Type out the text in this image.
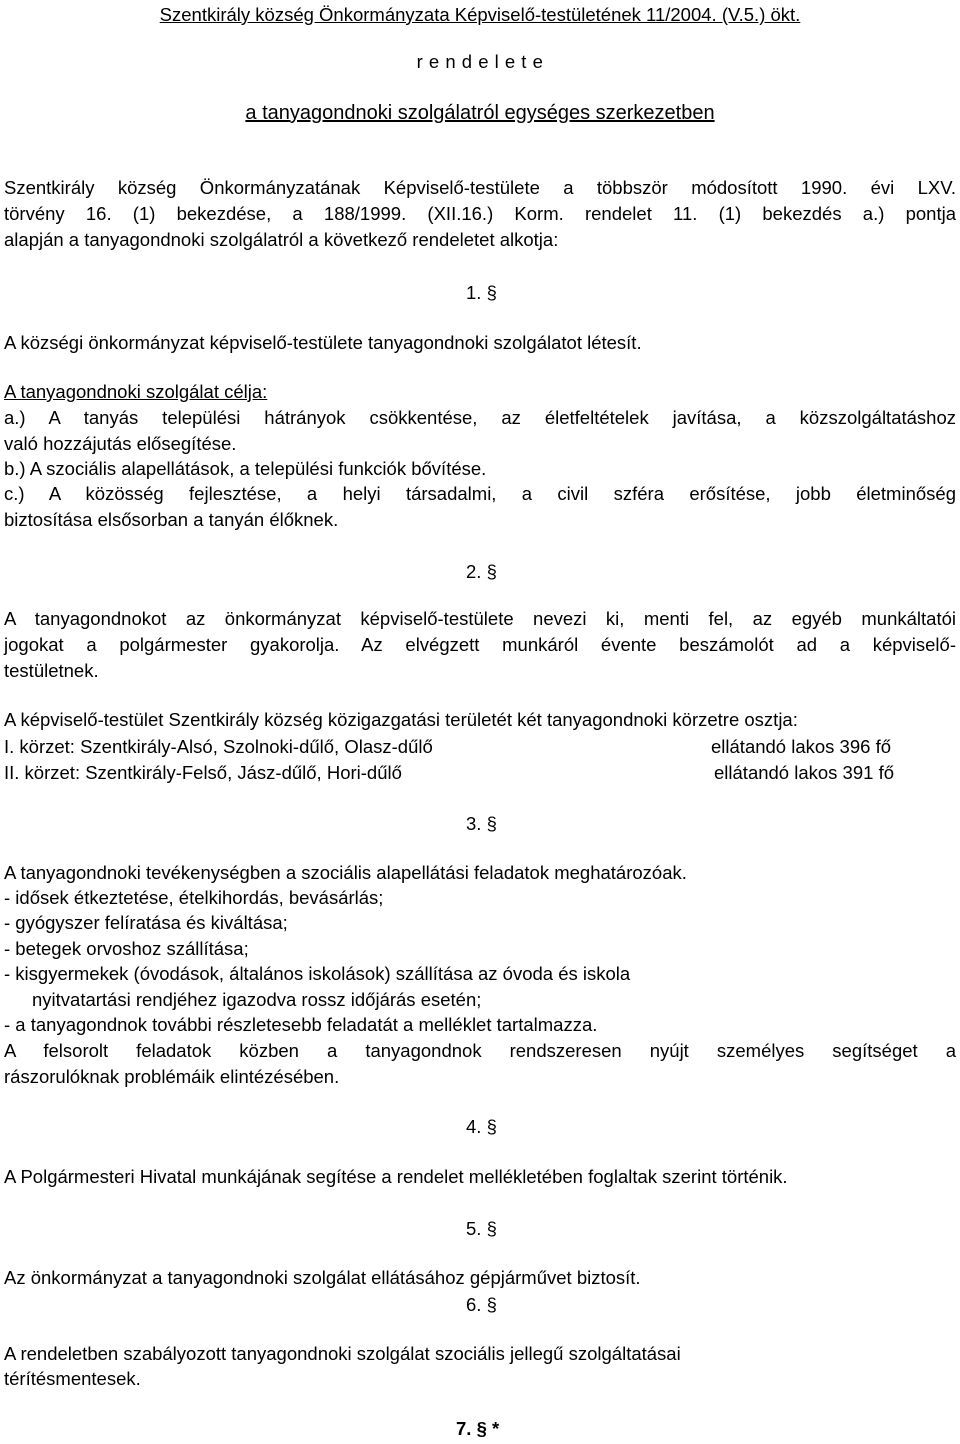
Szentkirály község Önkormányzata Képviselő-testületének 11/2004. (V.5.) ökt.
r e n d e l e t e
a tanyagondnoki szolgálatról egységes szerkezetben
Szentkirály község Önkormányzatának Képviselő-testülete a többször módosított 1990. évi LXV.
törvény 16. (1) bekezdése, a 188/1999. (XII.16.) Korm. rendelet 11. (1) bekezdés a.) pontja
alapján a tanyagondnoki szolgálatról a következő rendeletet alkotja:
1. §
A községi önkormányzat képviselő-testülete tanyagondnoki szolgálatot létesít.
A tanyagondnoki szolgálat célja:
a.) A tanyás települési hátrányok csökkentése, az életfeltételek javítása, a közszolgáltatáshoz
való hozzájutás elősegítése.
b.) A szociális alapellátások, a települési funkciók bővítése.
c.) A közösség fejlesztése, a helyi társadalmi, a civil szféra erősítése, jobb életminőség
biztosítása elsősorban a tanyán élőknek.
2. §
A tanyagondnokot az önkormányzat képviselő-testülete nevezi ki, menti fel, az egyéb munkáltatói
jogokat a polgármester gyakorolja. Az elvégzett munkáról évente beszámolót ad a képviselő-
testületnek.
A képviselő-testület Szentkirály község közigazgatási területét két tanyagondnoki körzetre osztja:
I. körzet: Szentkirály-Alsó, Szolnoki-dűlő, Olasz-dűlő	ellátandó lakos 396 fő
II. körzet: Szentkirály-Felső, Jász-dűlő, Hori-dűlő	ellátandó lakos 391 fő
3. §
A tanyagondnoki tevékenységben a szociális alapellátási feladatok meghatározóak.
- idősek étkeztetése, ételkihordás, bevásárlás;
- gyógyszer felíratása és kiváltása;
- betegek orvoshoz szállítása;
- kisgyermekek (óvodások, általános iskolások) szállítása az óvoda és iskola
nyitvatartási rendjéhez igazodva rossz időjárás esetén;
- a tanyagondnok további részletesebb feladatát a melléklet tartalmazza.
A felsorolt feladatok közben a tanyagondnok rendszeresen nyújt személyes segítséget a
rászorulóknak problémáik elintézésében.
4. §
A Polgármesteri Hivatal munkájának segítése a rendelet mellékletében foglaltak szerint történik.
5. §
Az önkormányzat a tanyagondnoki szolgálat ellátásához gépjárművet biztosít.
6. §
A rendeletben szabályozott tanyagondnoki szolgálat szociális jellegű szolgáltatásai
térítésmentesek.
7. § *
